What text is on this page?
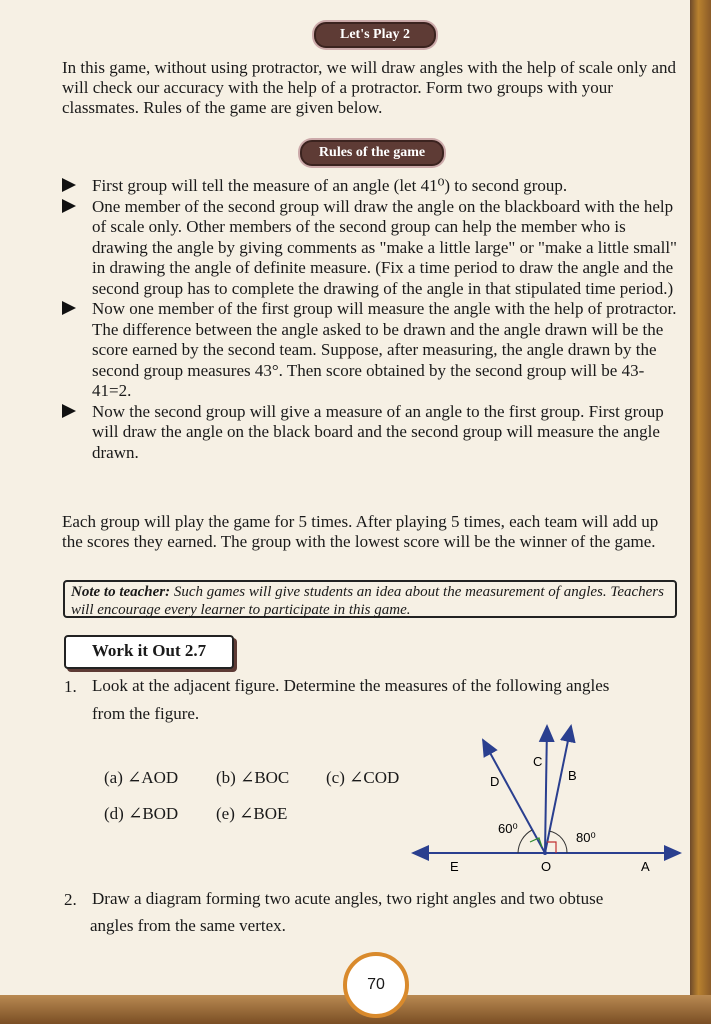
Let's Play 2

In this game, without using protractor, we will draw angles with the help of scale only and will check our accuracy with the help of a protractor. Form two groups with your classmates. Rules of the game are given below.

Rules of the game
First group will tell the measure of an angle (let 41⁰) to second group.
One member of the second group will draw the angle on the blackboard with the help of scale only. Other members of the second group can help the member who is drawing the angle by giving comments as "make a little large" or "make a little small" in drawing the angle of definite measure. (Fix a time period to draw the angle and the second group has to complete the drawing of the angle in that stipulated time period.)
Now one member of the first group will measure the angle with the help of protractor. The difference between the angle asked to be drawn and the angle drawn will be the score earned by the second team. Suppose, after measuring, the angle drawn by the second group measures 43°. Then score obtained by the second group will be 43-41=2.
Now the second group will give a measure of an angle to the first group. First group will draw the angle on the black board and the second group will measure the angle drawn.

Each group will play the game for 5 times. After playing 5 times, each team will add up the scores they earned. The group with the lowest score will be the winner of the game.

Note to teacher: Such games will give students an idea about the measurement of angles. Teachers will encourage every learner to participate in this game.
Work it Out 2.7
1. Look at the adjacent figure. Determine the measures of the following angles
from the figure.
(a) ∠AOD (b) ∠BOC (c) ∠COD
(d) ∠BOD (e) ∠BOE
A
E	O
D
C
B
60⁰
80⁰
2. Draw a diagram forming two acute angles, two right angles and two obtuse
angles from the same vertex.
70
